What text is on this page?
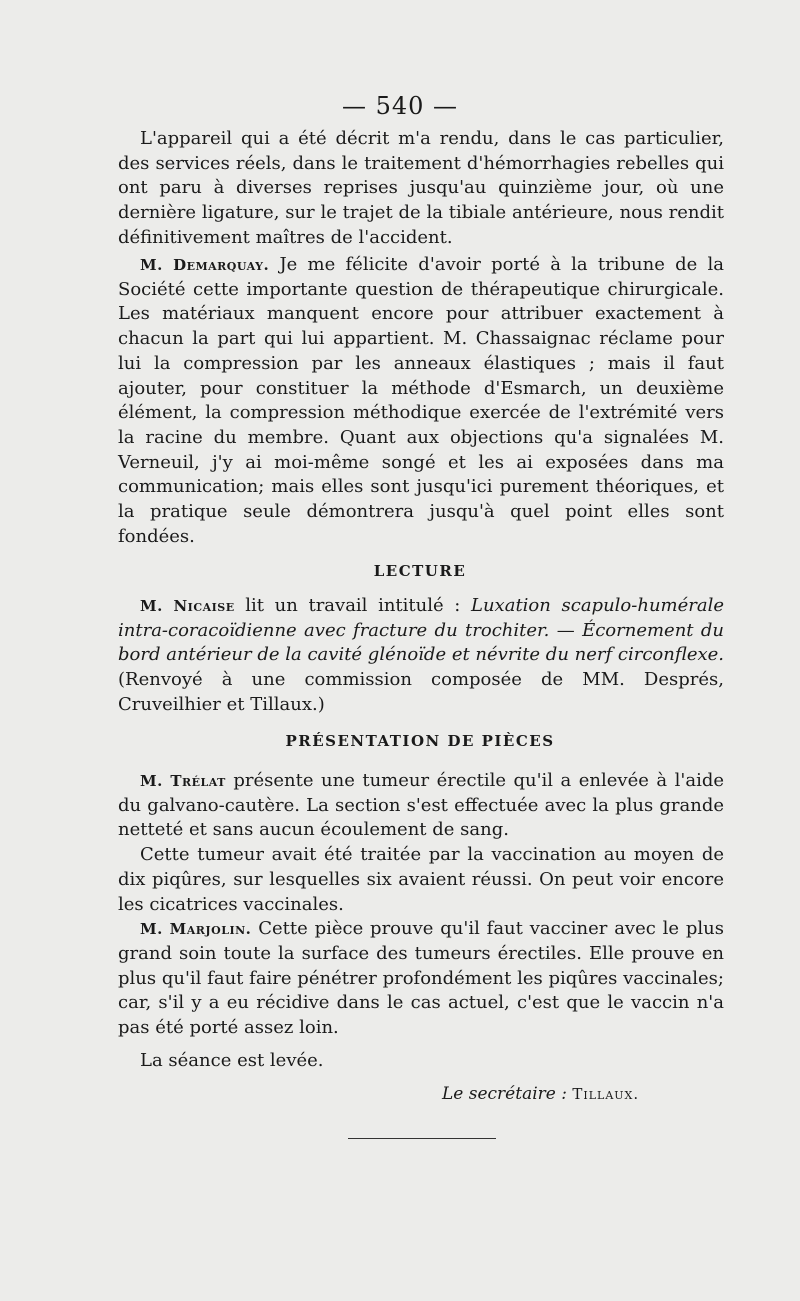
— 540 —

L'appareil qui a été décrit m'a rendu, dans le cas particulier, des services réels, dans le traitement d'hémorrhagies rebelles qui ont paru à diverses reprises jusqu'au quinzième jour, où une dernière ligature, sur le trajet de la tibiale antérieure, nous rendit définitivement maîtres de l'accident.

M. Demarquay. Je me félicite d'avoir porté à la tribune de la Société cette importante question de thérapeutique chirurgicale. Les matériaux manquent encore pour attribuer exactement à chacun la part qui lui appartient. M. Chassaignac réclame pour lui la compression par les anneaux élastiques ; mais il faut ajouter, pour constituer la méthode d'Esmarch, un deuxième élément, la compression méthodique exercée de l'extrémité vers la racine du membre. Quant aux objections qu'a signalées M. Verneuil, j'y ai moi-même songé et les ai exposées dans ma communication; mais elles sont jusqu'ici purement théoriques, et la pratique seule démontrera jusqu'à quel point elles sont fondées.

LECTURE

M. Nicaise lit un travail intitulé : Luxation scapulo-humérale intra-coracoïdienne avec fracture du trochiter. — Écornement du bord antérieur de la cavité glénoïde et névrite du nerf circonflexe. (Renvoyé à une commission composée de MM. Després, Cruveilhier et Tillaux.)

PRÉSENTATION DE PIÈCES

M. Trélat présente une tumeur érectile qu'il a enlevée à l'aide du galvano-cautère. La section s'est effectuée avec la plus grande netteté et sans aucun écoulement de sang.

Cette tumeur avait été traitée par la vaccination au moyen de dix piqûres, sur lesquelles six avaient réussi. On peut voir encore les cicatrices vaccinales.

M. Marjolin. Cette pièce prouve qu'il faut vacciner avec le plus grand soin toute la surface des tumeurs érectiles. Elle prouve en plus qu'il faut faire pénétrer profondément les piqûres vaccinales; car, s'il y a eu récidive dans le cas actuel, c'est que le vaccin n'a pas été porté assez loin.

La séance est levée.

Le secrétaire : Tillaux.
